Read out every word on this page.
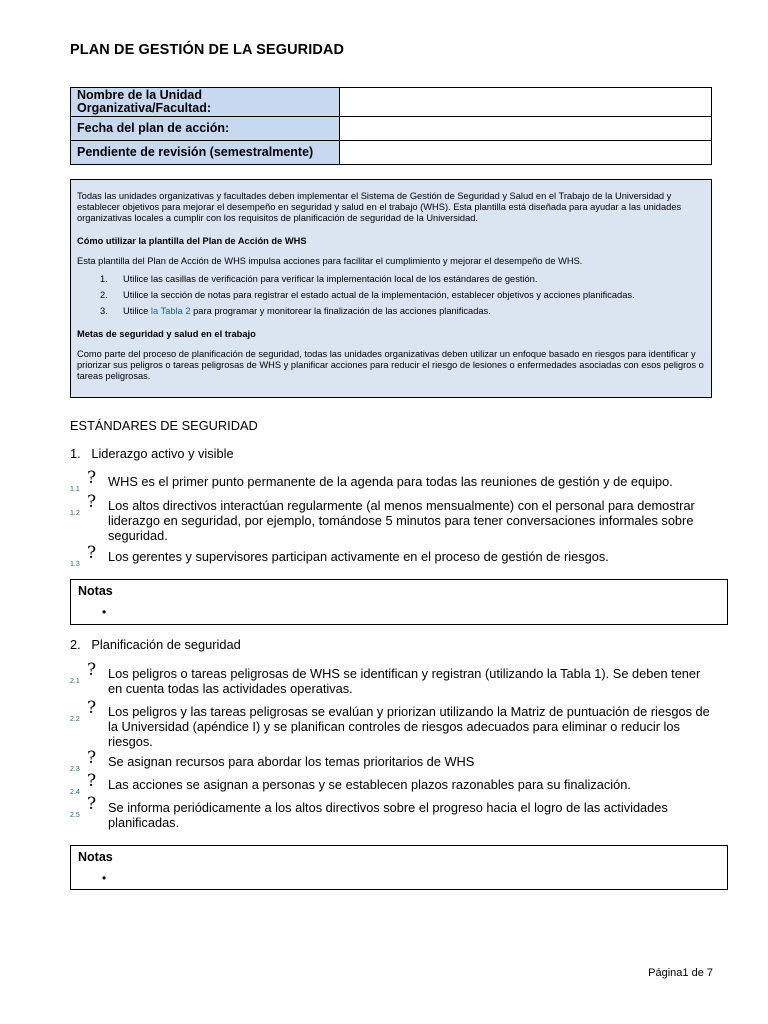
PLAN DE GESTIÓN DE LA SEGURIDAD
Nombre de la Unidad Organizativa/Facultad:	
Fecha del plan de acción:	
Pendiente de revisión (semestralmente)	

Todas las unidades organizativas y facultades deben implementar el Sistema de Gestión de Seguridad y Salud en el Trabajo de la Universidad y establecer objetivos para mejorar el desempeño en seguridad y salud en el trabajo (WHS). Esta plantilla está diseñada para ayudar a las unidades organizativas locales a cumplir con los requisitos de planificación de seguridad de la Universidad.

Cómo utilizar la plantilla del Plan de Acción de WHS

Esta plantilla del Plan de Acción de WHS impulsa acciones para facilitar el cumplimiento y mejorar el desempeño de WHS.

1. Utilice las casillas de verificación para verificar la implementación local de los estándares de gestión.
2. Utilice la sección de notas para registrar el estado actual de la implementación, establecer objetivos y acciones planificadas.
3. Utilice la Tabla 2 para programar y monitorear la finalización de las acciones planificadas.

Metas de seguridad y salud en el trabajo

Como parte del proceso de planificación de seguridad, todas las unidades organizativas deben utilizar un enfoque basado en riesgos para identificar y priorizar sus peligros o tareas peligrosas de WHS y planificar acciones para reducir el riesgo de lesiones o enfermedades asociadas con esos peligros o tareas peligrosas.

ESTÁNDARES DE SEGURIDAD
1.   Liderazgo activo y visible
1.1
? WHS es el primer punto permanente de la agenda para todas las reuniones de gestión y de equipo.
1.2
? Los altos directivos interactúan regularmente (al menos mensualmente) con el personal para demostrar liderazgo en seguridad, por ejemplo, tomándose 5 minutos para tener conversaciones informales sobre seguridad.
1.3
? Los gerentes y supervisores participan activamente en el proceso de gestión de riesgos.
Notas
•
2.   Planificación de seguridad
2.1
? Los peligros o tareas peligrosas de WHS se identifican y registran (utilizando la Tabla 1). Se deben tener en cuenta todas las actividades operativas.
2.2
? Los peligros y las tareas peligrosas se evalúan y priorizan utilizando la Matriz de puntuación de riesgos de la Universidad (apéndice I) y se planifican controles de riesgos adecuados para eliminar o reducir los riesgos.
2.3
? Se asignan recursos para abordar los temas prioritarios de WHS
2.4
? Las acciones se asignan a personas y se establecen plazos razonables para su finalización.
2.5
? Se informa periódicamente a los altos directivos sobre el progreso hacia el logro de las actividades planificadas.
Notas
•
Página1 de 7
